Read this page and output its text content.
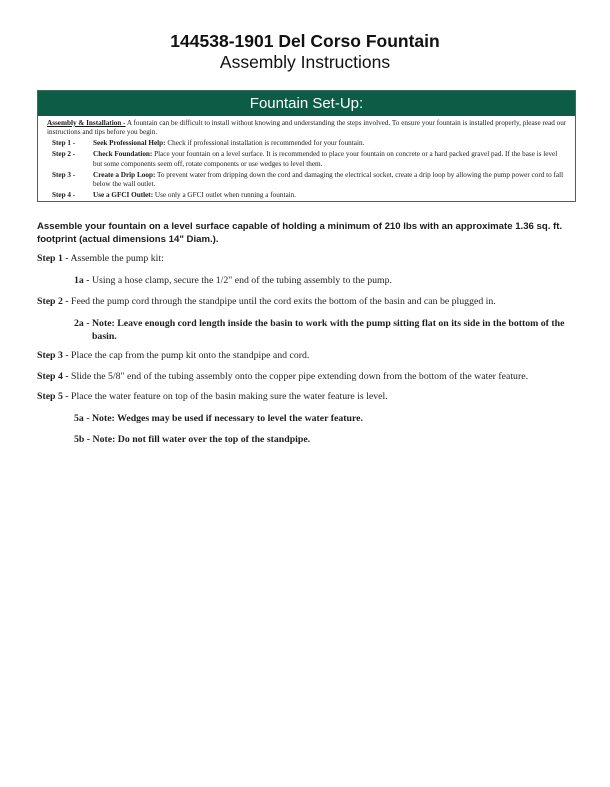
144538-1901 Del Corso Fountain
Assembly Instructions
Fountain Set-Up:

Assembly & Installation - A fountain can be difficult to install without knowing and understanding the steps involved. To ensure your fountain is installed properly, please read our instructions and tips before you begin.

Step 1 -	Seek Professional Help: Check if professional installation is recommended for your fountain.
Step 2 -	Check Foundation: Place your fountain on a level surface. It is recommended to place your fountain on concrete or a hard packed gravel pad. If the base is level but some components seem off, rotate components or use wedges to level them.
Step 3 -	Create a Drip Loop: To prevent water from dripping down the cord and damaging the electrical socket, create a drip loop by allowing the pump power cord to fall below the wall outlet.
Step 4 -	Use a GFCI Outlet: Use only a GFCI outlet when running a fountain.
Assemble your fountain on a level surface capable of holding a minimum of 210 lbs with an approximate 1.36 sq. ft. footprint (actual dimensions 14" Diam.).
Step 1 - Assemble the pump kit:
1a - Using a hose clamp, secure the 1/2" end of the tubing assembly to the pump.
Step 2 - Feed the pump cord through the standpipe until the cord exits the bottom of the basin and can be plugged in.
2a - Note: Leave enough cord length inside the basin to work with the pump sitting flat on its side in the bottom of the basin.
Step 3 - Place the cap from the pump kit onto the standpipe and cord.
Step 4 - Slide the 5/8" end of the tubing assembly onto the copper pipe extending down from the bottom of the water feature.
Step 5 - Place the water feature on top of the basin making sure the water feature is level.
5a - Note: Wedges may be used if necessary to level the water feature.
5b - Note: Do not fill water over the top of the standpipe.
